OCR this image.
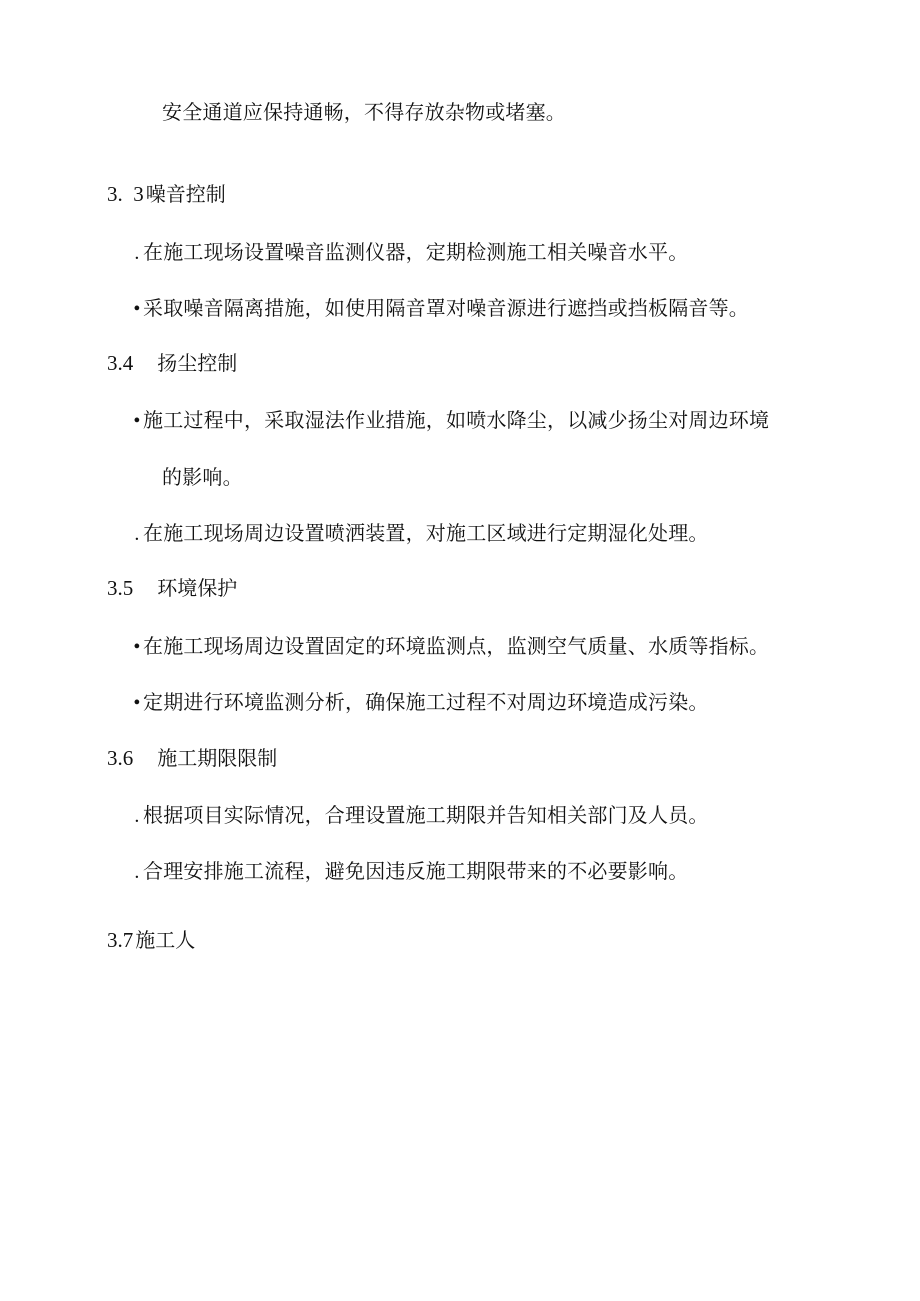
安全通道应保持通畅，不得存放杂物或堵塞。
3.  3 噪音控制
. 在施工现场设置噪音监测仪器，定期检测施工相关噪音水平。
• 采取噪音隔离措施，如使用隔音罩对噪音源进行遮挡或挡板隔音等。
3.4 扬尘控制
• 施工过程中，采取湿法作业措施，如喷水降尘，以减少扬尘对周边环境
的影响。
. 在施工现场周边设置喷洒装置，对施工区域进行定期湿化处理。
3.5 环境保护
• 在施工现场周边设置固定的环境监测点，监测空气质量、水质等指标。
• 定期进行环境监测分析，确保施工过程不对周边环境造成污染。
3.6 施工期限限制
. 根据项目实际情况，合理设置施工期限并告知相关部门及人员。
. 合理安排施工流程，避免因违反施工期限带来的不必要影响。
3.7 施工人
